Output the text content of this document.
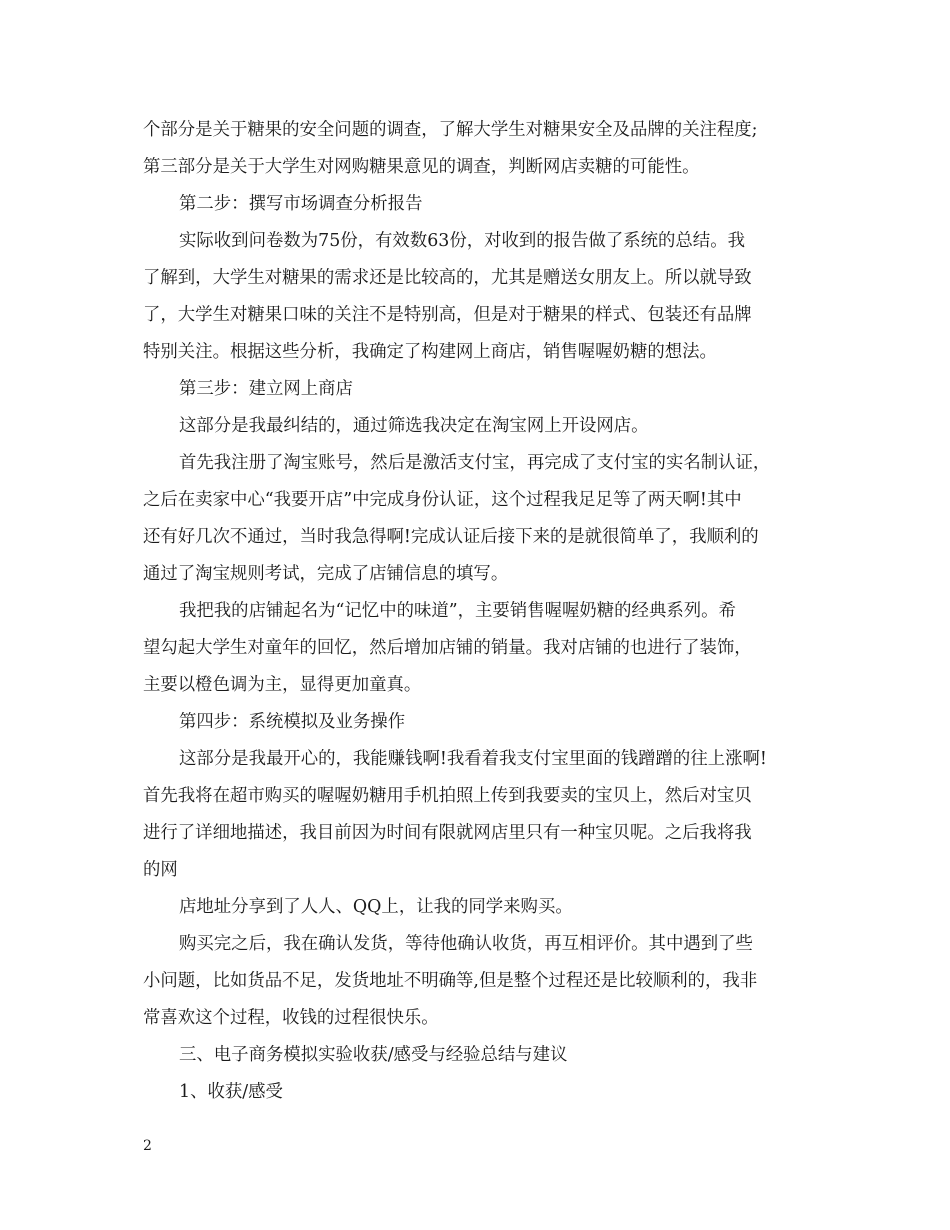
个部分是关于糖果的安全问题的调查，了解大学生对糖果安全及品牌的关注程度;

第三部分是关于大学生对网购糖果意见的调查，判断网店卖糖的可能性。

第二步：撰写市场调查分析报告

实际收到问卷数为75份，有效数63份，对收到的报告做了系统的总结。我

了解到，大学生对糖果的需求还是比较高的，尤其是赠送女朋友上。所以就导致

了，大学生对糖果口味的关注不是特别高，但是对于糖果的样式、包装还有品牌

特别关注。根据这些分析，我确定了构建网上商店，销售喔喔奶糖的想法。

第三步：建立网上商店

这部分是我最纠结的，通过筛选我决定在淘宝网上开设网店。

首先我注册了淘宝账号，然后是激活支付宝，再完成了支付宝的实名制认证，

之后在卖家中心“我要开店”中完成身份认证，这个过程我足足等了两天啊!其中

还有好几次不通过，当时我急得啊!完成认证后接下来的是就很简单了，我顺利的

通过了淘宝规则考试，完成了店铺信息的填写。

我把我的店铺起名为“记忆中的味道”，主要销售喔喔奶糖的经典系列。希

望勾起大学生对童年的回忆，然后增加店铺的销量。我对店铺的也进行了装饰，

主要以橙色调为主，显得更加童真。

第四步：系统模拟及业务操作

这部分是我最开心的，我能赚钱啊!我看着我支付宝里面的钱蹭蹭的往上涨啊!

首先我将在超市购买的喔喔奶糖用手机拍照上传到我要卖的宝贝上，然后对宝贝

进行了详细地描述，我目前因为时间有限就网店里只有一种宝贝呢。之后我将我

的网

店地址分享到了人人、QQ上，让我的同学来购买。

购买完之后，我在确认发货，等待他确认收货，再互相评价。其中遇到了些

小问题，比如货品不足，发货地址不明确等,但是整个过程还是比较顺利的，我非

常喜欢这个过程，收钱的过程很快乐。

三、电子商务模拟实验收获/感受与经验总结与建议

1、收获/感受

2
